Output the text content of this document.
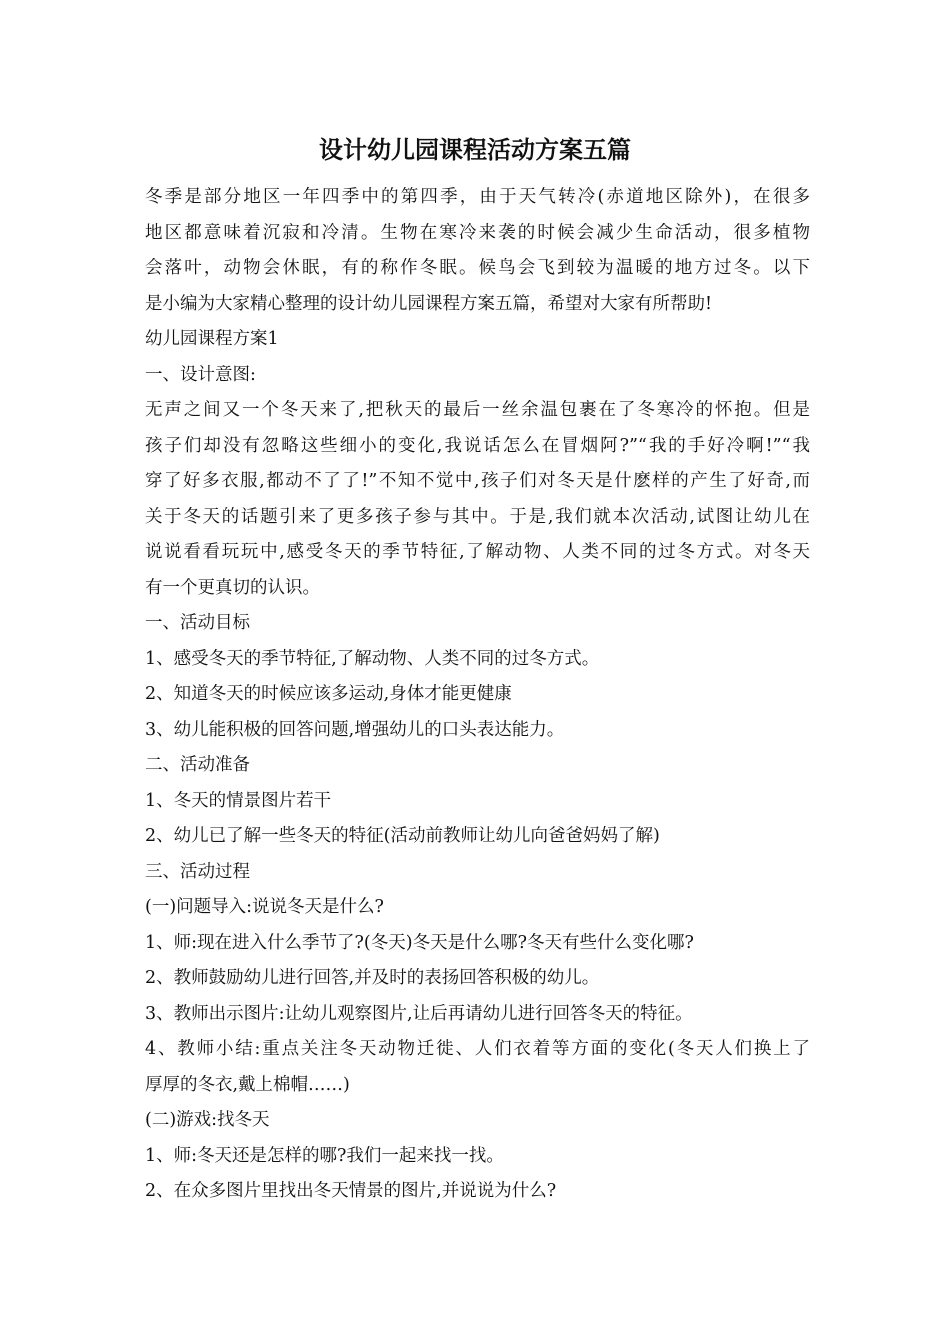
设计幼儿园课程活动方案五篇

冬季是部分地区一年四季中的第四季，由于天气转冷(赤道地区除外)，在很多

地区都意味着沉寂和冷清。生物在寒冷来袭的时候会减少生命活动，很多植物

会落叶，动物会休眠，有的称作冬眠。候鸟会飞到较为温暖的地方过冬。以下

是小编为大家精心整理的设计幼儿园课程方案五篇，希望对大家有所帮助!

幼儿园课程方案1

一、设计意图:

无声之间又一个冬天来了,把秋天的最后一丝余温包裹在了冬寒冷的怀抱。但是

孩子们却没有忽略这些细小的变化,我说话怎么在冒烟阿?”“我的手好冷啊!”“我

穿了好多衣服,都动不了了!”不知不觉中,孩子们对冬天是什麽样的产生了好奇,而

关于冬天的话题引来了更多孩子参与其中。于是,我们就本次活动,试图让幼儿在

说说看看玩玩中,感受冬天的季节特征,了解动物、人类不同的过冬方式。对冬天

有一个更真切的认识。

一、活动目标

1、感受冬天的季节特征,了解动物、人类不同的过冬方式。

2、知道冬天的时候应该多运动,身体才能更健康

3、幼儿能积极的回答问题,增强幼儿的口头表达能力。

二、活动准备

1、冬天的情景图片若干

2、幼儿已了解一些冬天的特征(活动前教师让幼儿向爸爸妈妈了解)

三、活动过程

(一)问题导入:说说冬天是什么?

1、师:现在进入什么季节了?(冬天)冬天是什么哪?冬天有些什么变化哪?

2、教师鼓励幼儿进行回答,并及时的表扬回答积极的幼儿。

3、教师出示图片:让幼儿观察图片,让后再请幼儿进行回答冬天的特征。

4、教师小结:重点关注冬天动物迁徙、人们衣着等方面的变化(冬天人们换上了

厚厚的冬衣,戴上棉帽……)

(二)游戏:找冬天

1、师:冬天还是怎样的哪?我们一起来找一找。

2、在众多图片里找出冬天情景的图片,并说说为什么?
